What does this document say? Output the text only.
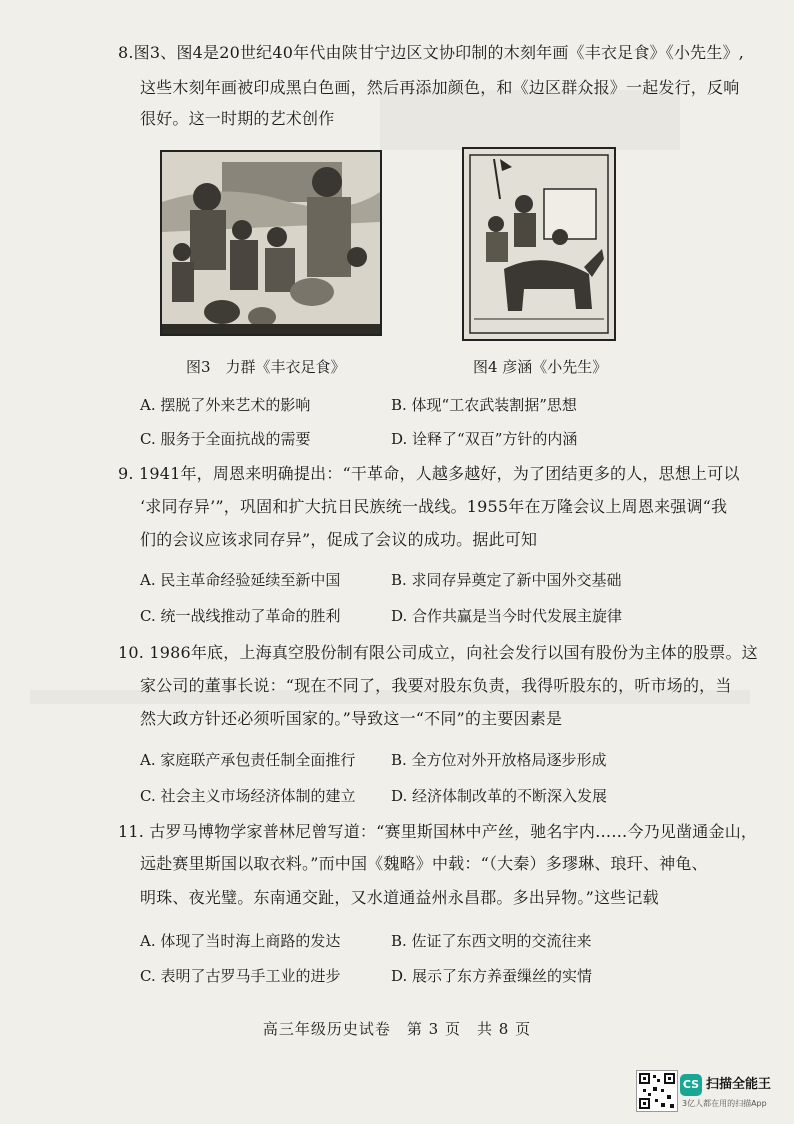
8.图3、图4是20世纪40年代由陕甘宁边区文协印制的木刻年画《丰衣足食》《小先生》,
这些木刻年画被印成黑白色画，然后再添加颜色，和《边区群众报》一起发行，反响
很好。这一时期的艺术创作
图3　力群《丰衣足食》	图4 彦涵《小先生》
A. 摆脱了外来艺术的影响	B. 体现“工农武装割据”思想
C. 服务于全面抗战的需要	D. 诠释了“双百”方针的内涵
9. 1941年，周恩来明确提出：“干革命，人越多越好，为了团结更多的人，思想上可以
‘求同存异’”，巩固和扩大抗日民族统一战线。1955年在万隆会议上周恩来强调“我
们的会议应该求同存异”，促成了会议的成功。据此可知
A. 民主革命经验延续至新中国	B. 求同存异奠定了新中国外交基础
C. 统一战线推动了革命的胜利	D. 合作共赢是当今时代发展主旋律
10. 1986年底，上海真空股份制有限公司成立，向社会发行以国有股份为主体的股票。这
家公司的董事长说：“现在不同了，我要对股东负责，我得听股东的，听市场的，当
然大政方针还必须听国家的。”导致这一“不同”的主要因素是
A. 家庭联产承包责任制全面推行 B. 全方位对外开放格局逐步形成
C. 社会主义市场经济体制的建立 D. 经济体制改革的不断深入发展
11. 古罗马博物学家普林尼曾写道：“赛里斯国林中产丝，驰名宇内……今乃见凿通金山，
远赴赛里斯国以取衣料。”而中国《魏略》中载：“（大秦）多璆琳、琅玕、神龟、
明珠、夜光璧。东南通交趾，又水道通益州永昌郡。多出异物。”这些记载
A. 体现了当时海上商路的发达	B. 佐证了东西文明的交流往来
C. 表明了古罗马手工业的进步	D. 展示了东方养蚕缫丝的实情
高三年级历史试卷　第 3 页　共 8 页
CS 扫描全能王
3亿人都在用的扫描App
